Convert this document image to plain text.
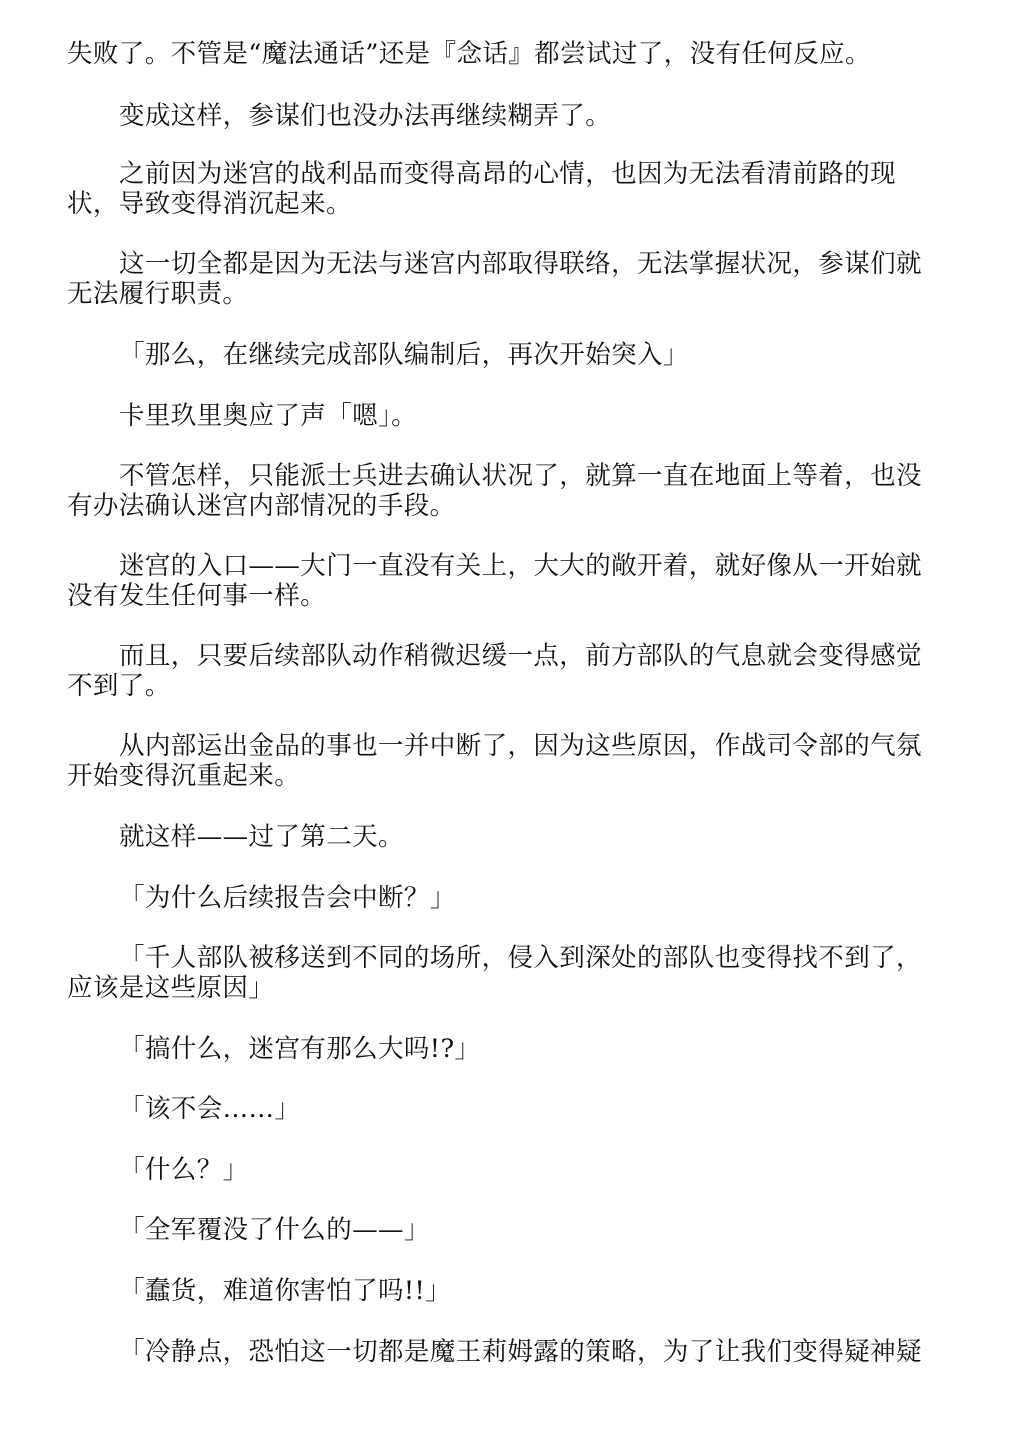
失败了。不管是“魔法通话”还是『念话』都尝试过了，没有任何反应。

变成这样，参谋们也没办法再继续糊弄了。

之前因为迷宫的战利品而变得高昂的心情，也因为无法看清前路的现状，导致变得消沉起来。

这一切全都是因为无法与迷宫内部取得联络，无法掌握状况，参谋们就无法履行职责。

「那么，在继续完成部队编制后，再次开始突入」

卡里玖里奥应了声「嗯」。

不管怎样，只能派士兵进去确认状况了，就算一直在地面上等着，也没有办法确认迷宫内部情况的手段。

迷宫的入口——大门一直没有关上，大大的敞开着，就好像从一开始就没有发生任何事一样。

而且，只要后续部队动作稍微迟缓一点，前方部队的气息就会变得感觉不到了。

从内部运出金品的事也一并中断了，因为这些原因，作战司令部的气氛开始变得沉重起来。

就这样——过了第二天。

「为什么后续报告会中断？」

「千人部队被移送到不同的场所，侵入到深处的部队也变得找不到了，应该是这些原因」

「搞什么，迷宫有那么大吗!?」

「该不会……」

「什么？」

「全军覆没了什么的——」

「蠢货，难道你害怕了吗!!」

「冷静点，恐怕这一切都是魔王莉姆露的策略，为了让我们变得疑神疑
